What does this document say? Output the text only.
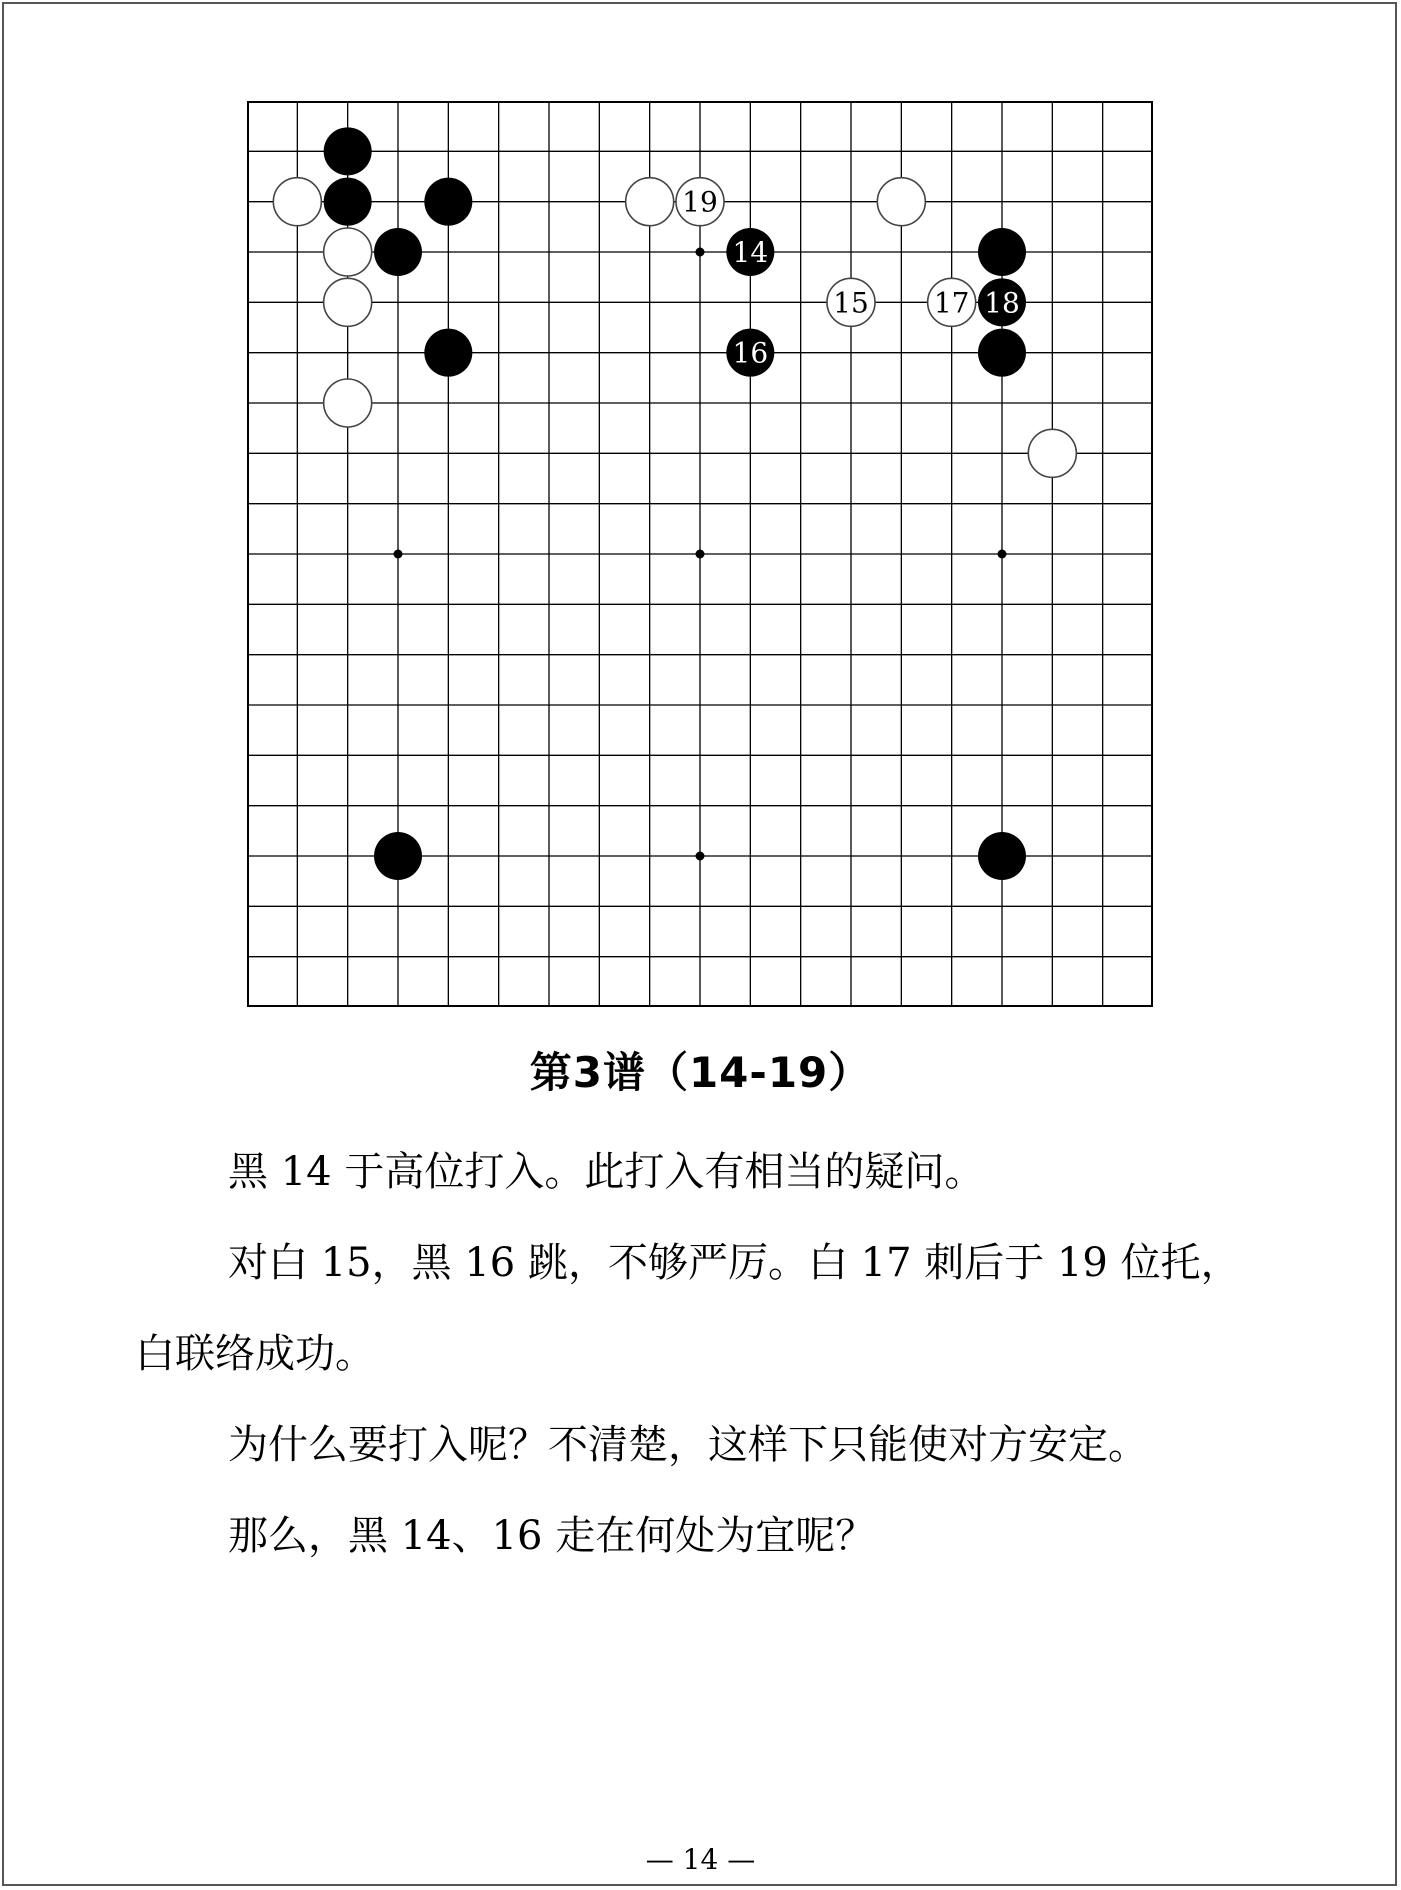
19
14
15 17 18
16
第3谱（14-19）

黑 14 于高位打入。此打入有相当的疑问。

对白 15，黑 16 跳，不够严厉。白 17 刺后于 19 位托，白联络成功。

为什么要打入呢？不清楚，这样下只能使对方安定。

那么，黑 14、16 走在何处为宜呢？

— 14 —
